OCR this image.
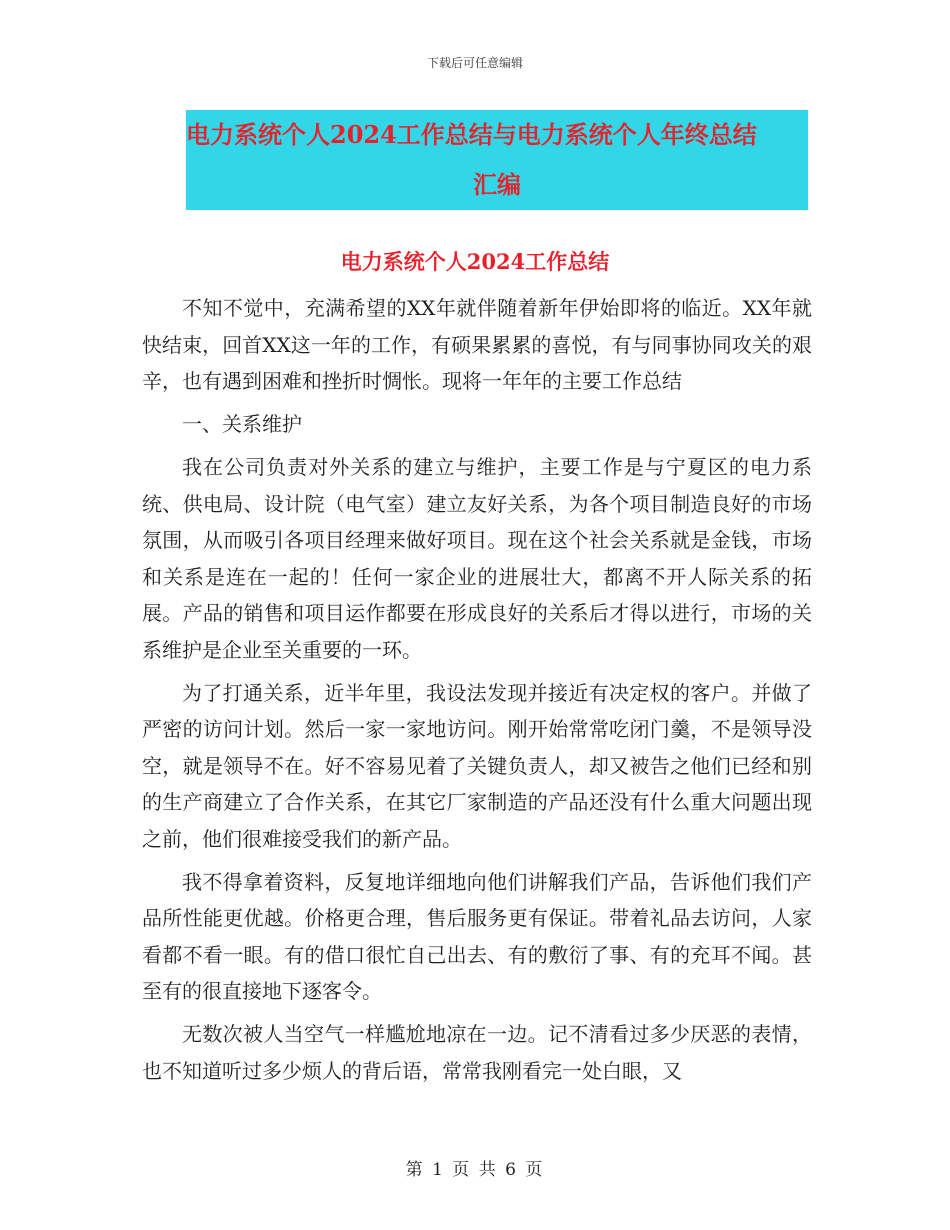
下载后可任意编辑
电力系统个人2024工作总结与电力系统个人年终总结
汇编
电力系统个人2024工作总结

不知不觉中，充满希望的XX年就伴随着新年伊始即将的临近。XX年就快结束，回首XX这一年的工作，有硕果累累的喜悦，有与同事协同攻关的艰辛，也有遇到困难和挫折时惆怅。现将一年年的主要工作总结

一、关系维护

我在公司负责对外关系的建立与维护，主要工作是与宁夏区的电力系统、供电局、设计院（电气室）建立友好关系，为各个项目制造良好的市场氛围，从而吸引各项目经理来做好项目。现在这个社会关系就是金钱，市场和关系是连在一起的！任何一家企业的进展壮大，都离不开人际关系的拓展。产品的销售和项目运作都要在形成良好的关系后才得以进行，市场的关系维护是企业至关重要的一环。

为了打通关系，近半年里，我设法发现并接近有决定权的客户。并做了严密的访问计划。然后一家一家地访问。刚开始常常吃闭门羹，不是领导没空，就是领导不在。好不容易见着了关键负责人，却又被告之他们已经和别的生产商建立了合作关系，在其它厂家制造的产品还没有什么重大问题出现之前，他们很难接受我们的新产品。

我不得拿着资料，反复地详细地向他们讲解我们产品，告诉他们我们产品所性能更优越。价格更合理，售后服务更有保证。带着礼品去访问，人家看都不看一眼。有的借口很忙自己出去、有的敷衍了事、有的充耳不闻。甚至有的很直接地下逐客令。

无数次被人当空气一样尴尬地凉在一边。记不清看过多少厌恶的表情，也不知道听过多少烦人的背后语，常常我刚看完一处白眼，又

第 1 页 共 6 页
